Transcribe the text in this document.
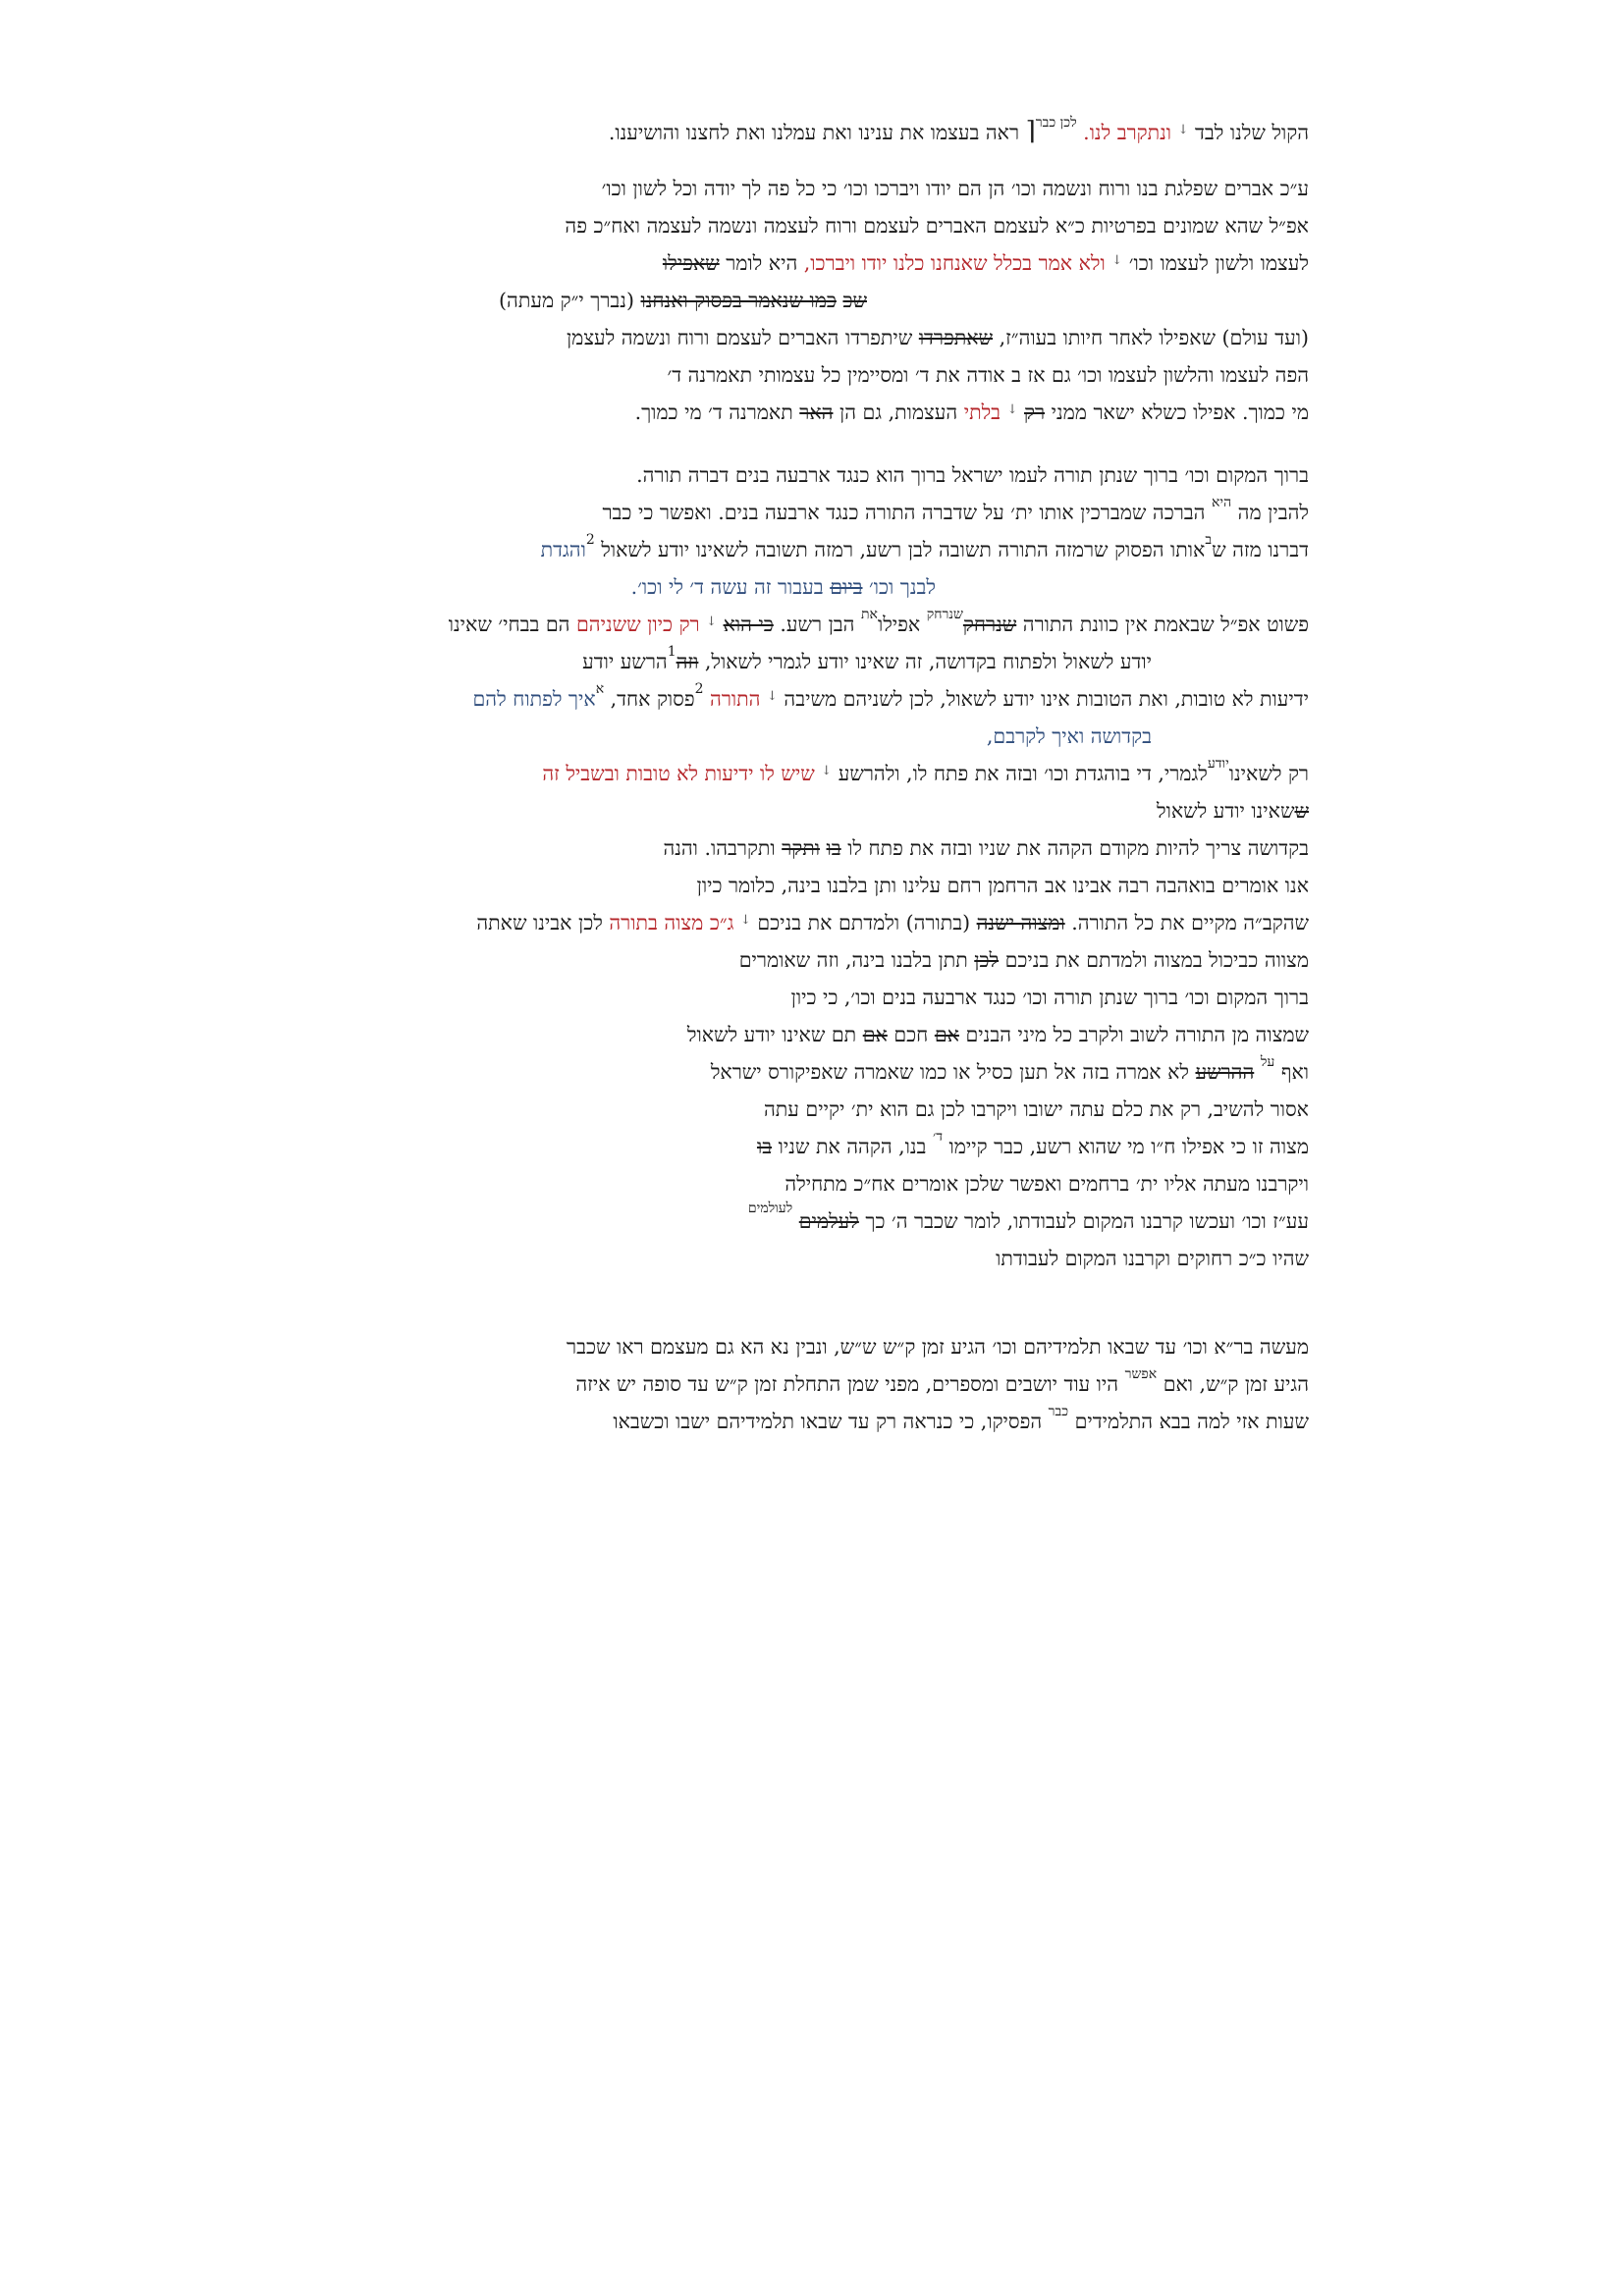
הקול שלנו לבד ↓ ונתקרב לנו. $^{לכן כבר}$⌈ ראה בעצמו את ענינו ואת עמלנו ואת לחצנו והושיענו.
ע״כ אברים שפלגת בנו ורוח ונשמה וכו׳ הן הם יודו ויברכו וכו׳ כי כל פה לך יודה וכל לשון וכו׳
אפ״ל שהא שמונים בפרטיות כ״א לעצמם האברים לעצמם ורוח לעצמה ונשמה לעצמה ואח״כ פה
לעצמו ולשון לעצמו וכו׳ ↓ ולא אמר בכלל שאנחנו כלנו יודו ויברכו, היא לומר שאפילו
שכ כמו שנאמר בפסוק ואנחנו (נברך י״ק מעתה)
(ועד עולם) שאפילו לאחר חיותו בעוה״ז, שאתפרדו שיתפרדו האברים לעצמם ורוח ונשמה לעצמן
הפה לעצמו והלשון לעצמו וכו׳ גם אז ב אודה את ד׳ ומסיימין כל עצמותי תאמרנה ד׳
מי כמוך. אפילו כשלא ישאר ממני רק ↓ בלתי העצמות, גם הן האר תאמרנה ד׳ מי כמוך.
ברוך המקום וכו׳ ברוך שנתן תורה לעמו ישראל ברוך הוא כנגד ארבעה בנים דברה תורה.
להבין מה $^{היא}$ הברכה שמברכין אותו ית׳ על שדברה התורה כנגד ארבעה בנים. ואפשר כי כבר
דברנו מזה ש$^ב$אותו הפסוק שרמזה התורה תשובה לבן רשע, רמזה תשובה לשאינו יודע לשאול $^2$והגדת
לבנך וכו׳ ביום בעבור זה עשה ד׳ לי וכו׳.
פשוט אפ״ל שבאמת אין כוונת התורה שנרחק$^{שנרחק}$ אפילו$^{את}$ הבן רשע. כי הוא ↓ רק כיון ששניהם הם בבחי׳ שאינו
יודע לשאול ולפתוח בקדושה, זה שאינו יודע לגמרי לשאול, וזה$^1$הרשע יודע
ידיעות לא טובות, ואת הטובות אינו יודע לשאול, לכן לשניהם משיבה ↓ התורה $^2$פסוק אחד, $^א$איך לפתוח להם
בקדושה ואיך לקרבם,
רק לשאינו$^{יודע}$לגמרי, די בוהגדת וכו׳ ובזה את פתח לו, ולהרשע ↓ שיש לו ידיעות לא טובות ובשביל זה
ששאינו יודע לשאול
בקדושה צריך להיות מקודם הקהה את שניו ובזה את פתח לו בו ותקר ותקרבהו. והנה
אנו אומרים בואהבה רבה אבינו אב הרחמן רחם עלינו ותן בלבנו בינה, כלומר כיון
שהקב״ה מקיים את כל התורה. ומצוה ישנה (בתורה) ולמדתם את בניכם ↓ ג״כ מצוה בתורה לכן אבינו שאתה
מצווה כביכול במצוה ולמדתם את בניכם לכן תתן בלבנו בינה, וזה שאומרים
ברוך המקום וכו׳ ברוך שנתן תורה וכו׳ כנגד ארבעה בנים וכו׳, כי כיון
שמצוה מן התורה לשוב ולקרב כל מיני הבנים אם חכם אם תם שאינו יודע לשאול
ואף $^{על}$ ההרשע לא אמרה בזה אל תען כסיל או כמו שאמרה שאפיקורס ישראל
אסור להשיב, רק את כלם עתה ישובו ויקרבו לכן גם הוא ית׳ יקיים עתה
מצוה זו כי אפילו ח״ו מי שהוא רשע, כבר קיימו $^{ד׳}$ בנו, הקהה את שניו בו
ויקרבנו מעתה אליו ית׳ ברחמים ואפשר שלכן אומרים אח״כ מתחילה
עע״ז וכו׳ ועכשו קרבנו המקום לעבודתו, לומר שכבר ה׳ כך לעלמים $^{לעולמים}$
שהיו כ״כ רחוקים וקרבנו המקום לעבודתו
מעשה בר״א וכו׳ עד שבאו תלמידיהם וכו׳ הגיע זמן ק״ש ש״ש, ונבין נא הא גם מעצמם ראו שכבר
הגיע זמן ק״ש, ואם $^{אפשר}$ היו עוד יושבים ומספרים, מפני שמן התחלת זמן ק״ש עד סופה יש איזה
שעות אזי למה בבא התלמידים $^{כבר}$ הפסיקו, כי כנראה רק עד שבאו תלמידיהם ישבו וכשבאו
